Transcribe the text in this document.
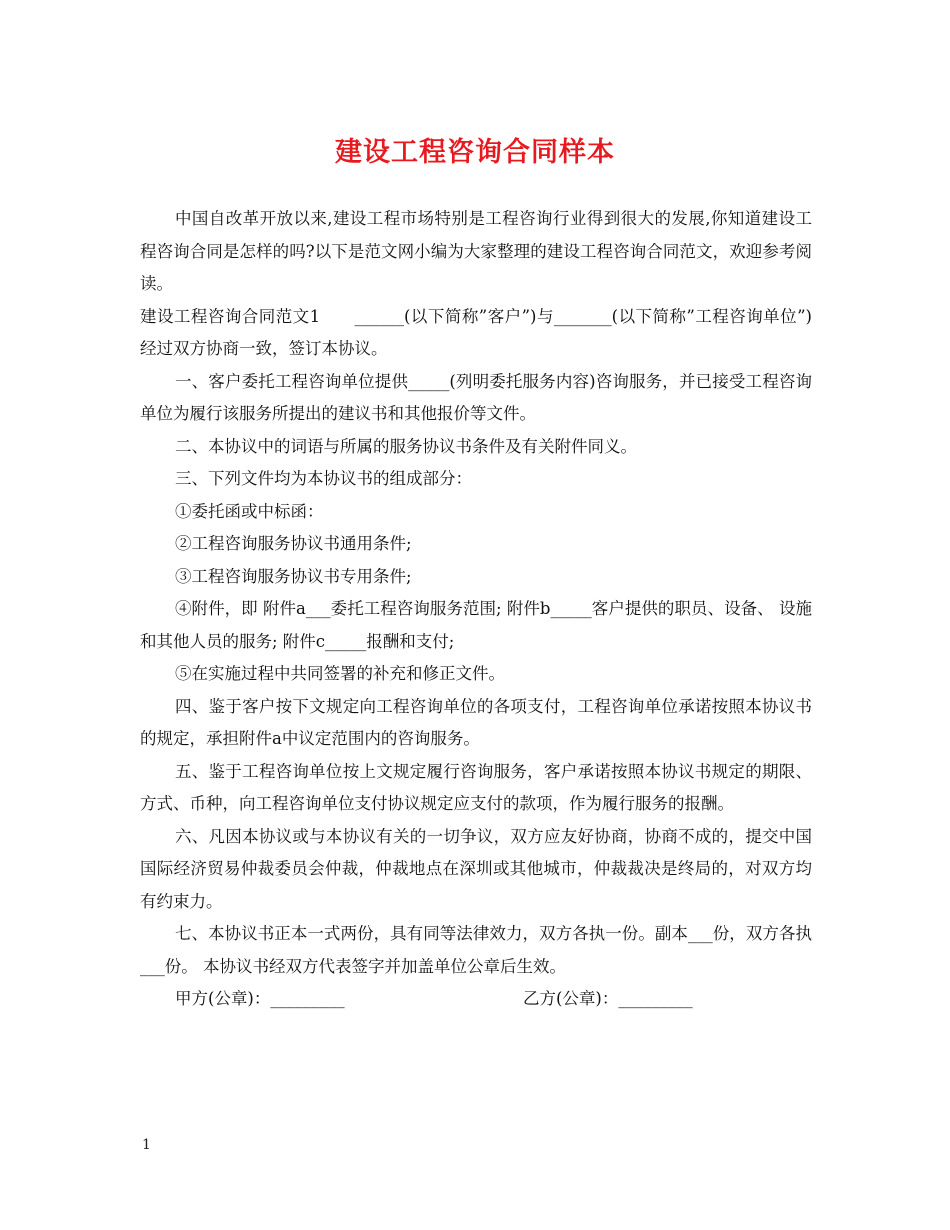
建设工程咨询合同样本

中国自改革开放以来,建设工程市场特别是工程咨询行业得到很大的发展,你知道建设工程咨询合同是怎样的吗?以下是范文网小编为大家整理的建设工程咨询合同范文，欢迎参考阅读。

建设工程咨询合同范文1　　______(以下简称”客户”)与_______(以下简称”工程咨询单位”)经过双方协商一致，签订本协议。

一、客户委托工程咨询单位提供_____(列明委托服务内容)咨询服务，并已接受工程咨询单位为履行该服务所提出的建议书和其他报价等文件。

二、本协议中的词语与所属的服务协议书条件及有关附件同义。

三、下列文件均为本协议书的组成部分：

①委托函或中标函：

②工程咨询服务协议书通用条件;

③工程咨询服务协议书专用条件;

④附件，即 附件a___委托工程咨询服务范围; 附件b_____客户提供的职员、设备、 设施和其他人员的服务; 附件c_____报酬和支付;

⑤在实施过程中共同签署的补充和修正文件。

四、鉴于客户按下文规定向工程咨询单位的各项支付，工程咨询单位承诺按照本协议书的规定，承担附件a中议定范围内的咨询服务。

五、鉴于工程咨询单位按上文规定履行咨询服务，客户承诺按照本协议书规定的期限、方式、币种，向工程咨询单位支付协议规定应支付的款项，作为履行服务的报酬。

六、凡因本协议或与本协议有关的一切争议，双方应友好协商，协商不成的，提交中国国际经济贸易仲裁委员会仲裁，仲裁地点在深圳或其他城市，仲裁裁决是终局的，对双方均有约束力。

七、本协议书正本一式两份，具有同等法律效力，双方各执一份。副本___份，双方各执___份。 本协议书经双方代表签字并加盖单位公章后生效。

甲方(公章)：_________	乙方(公章)：_________
1
